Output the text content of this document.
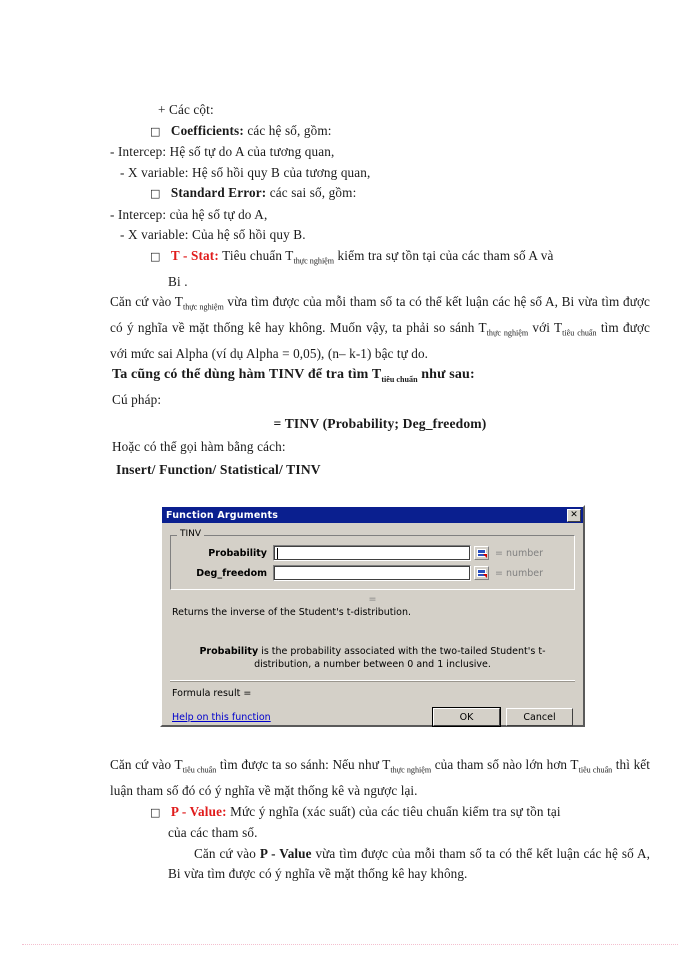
+ Các cột:
□ Coefficients: các hệ số, gồm:
- Intercep: Hệ số tự do A của tương quan,
- X variable: Hệ số hồi quy B của tương quan,
□ Standard Error: các sai số, gồm:
- Intercep: của hệ số tự do A,
- X variable: Của hệ số hồi quy B.
□ T - Stat: Tiêu chuẩn $T_{thực nghiệm}$ kiểm tra sự tồn tại của các tham số A và
Bi .
Căn cứ vào $T_{thực nghiệm}$ vừa tìm được của mỗi tham số ta có thể kết luận các hệ số A, Bi vừa tìm được có ý nghĩa về mặt thống kê hay không. Muốn vậy, ta phải so sánh $T_{thực nghiệm}$ với $T_{tiêu chuẩn}$ tìm được với mức sai Alpha (ví dụ Alpha = 0,05), (n– k-1) bậc tự do.
Ta cũng có thể dùng hàm TINV để tra tìm $T_{tiêu chuẩn}$ như sau:
Cú pháp:
= TINV (Probability; Deg_freedom)
Hoặc có thể gọi hàm bằng cách:
Insert/ Function/ Statistical/ TINV
Function Arguments	✕
TINV
Probability	= number
Deg_freedom	= number
=
Returns the inverse of the Student's t-distribution.
Probability is the probability associated with the two-tailed Student's t-distribution, a number between 0 and 1 inclusive.
Formula result =
Help on this function	OK	Cancel
Căn cứ vào $T_{tiêu chuẩn}$ tìm được ta so sánh: Nếu như $T_{thực nghiệm}$ của tham số nào lớn hơn $T_{tiêu chuẩn}$ thì kết luận tham số đó có ý nghĩa về mặt thống kê và ngược lại.
□ P - Value: Mức ý nghĩa (xác suất) của các tiêu chuẩn kiểm tra sự tồn tại
của các tham số.
Căn cứ vào P - Value vừa tìm được của mỗi tham số ta có thể kết luận các hệ số A, Bi vừa tìm được có ý nghĩa về mặt thống kê hay không.
